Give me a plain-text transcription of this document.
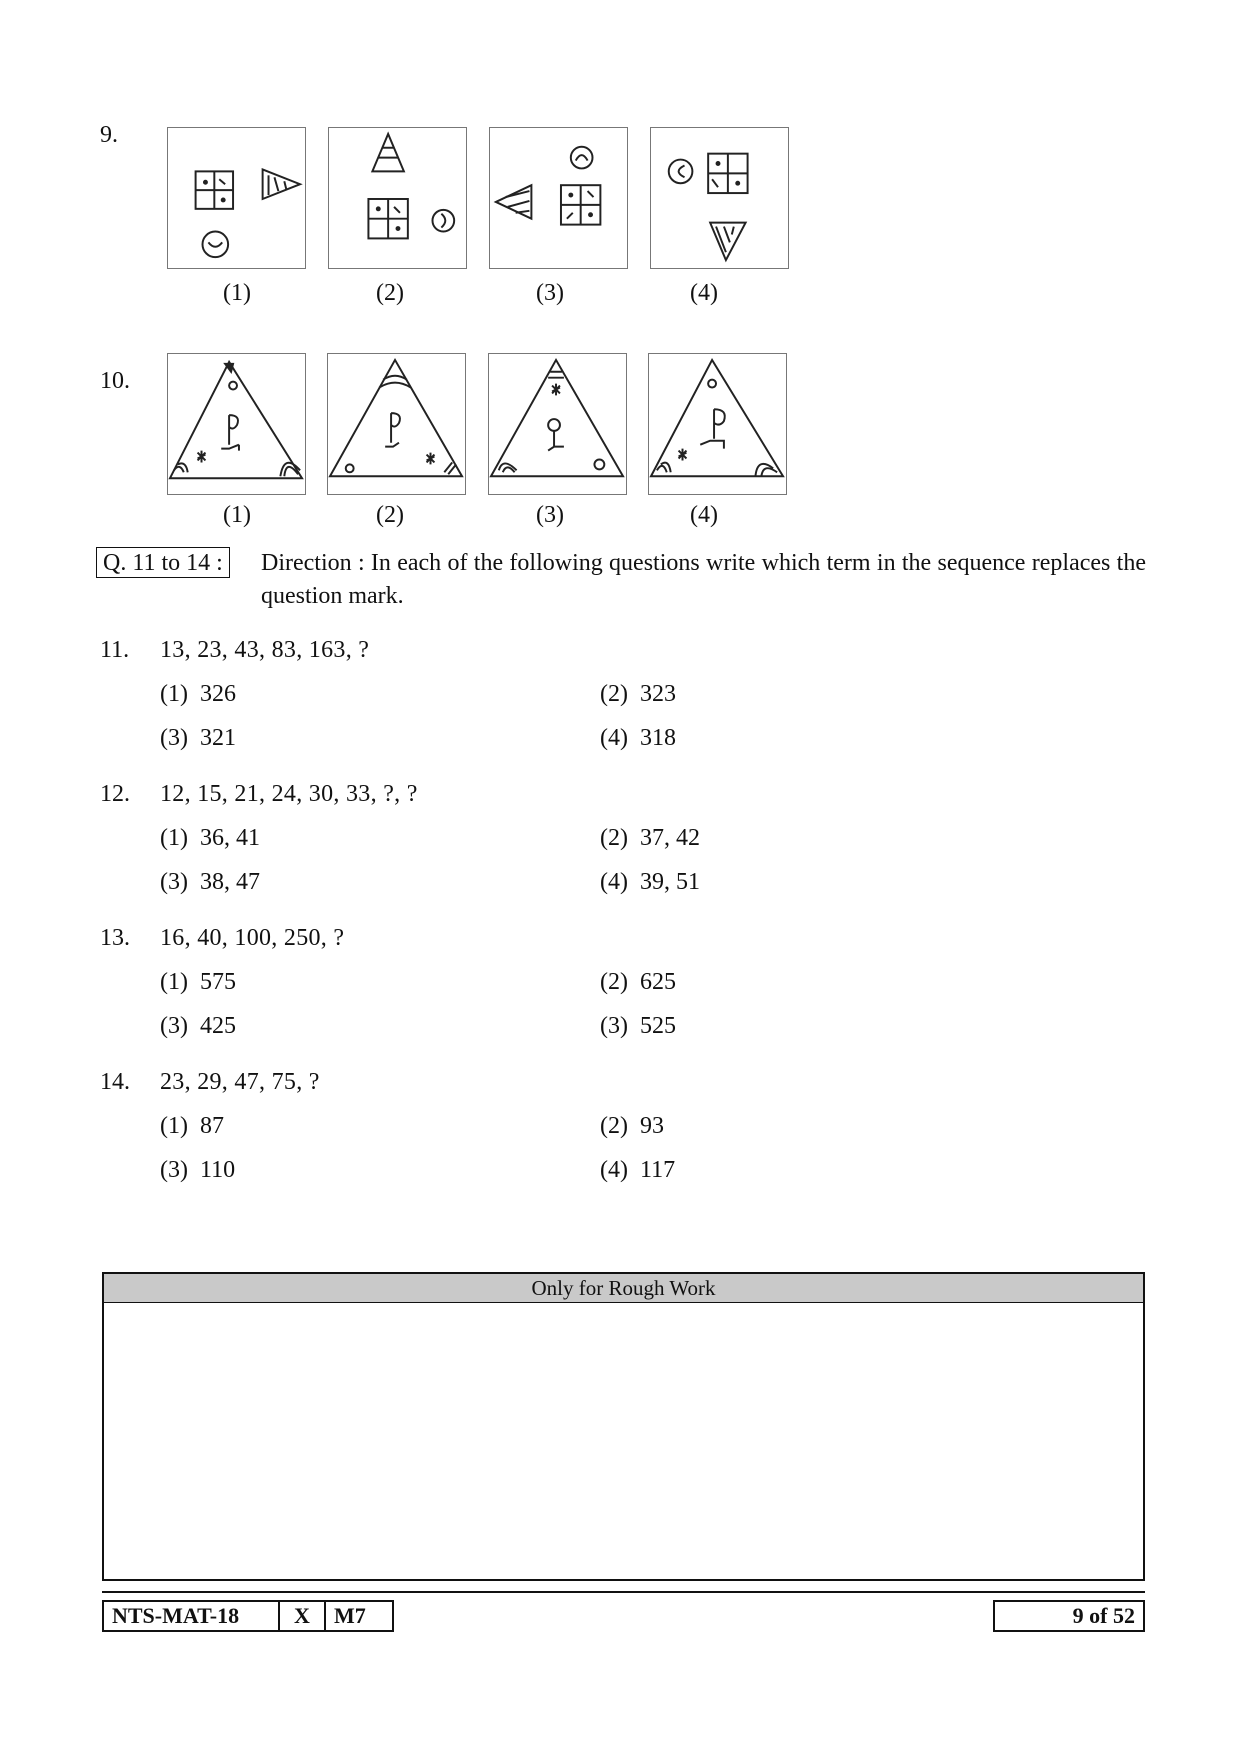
9.
(1)	(2)	(3)	(4)
10.
(1)	(2)	(3)	(4)
Q. 11 to 14 : Direction : In each of the following questions write which term in the sequence replaces the question mark.
11. 13, 23, 43, 83, 163, ?
(1) 326	(2) 323
(3) 321	(4) 318
12. 12, 15, 21, 24, 30, 33, ?, ?
(1) 36, 41	(2) 37, 42
(3) 38, 47	(4) 39, 51
13. 16, 40, 100, 250, ?
(1) 575	(2) 625
(3) 425	(3) 525
14. 23, 29, 47, 75, ?
(1) 87	(2) 93
(3) 110	(4) 117
Only for Rough Work
NTS-MAT-18	X	M7	9 of 52
